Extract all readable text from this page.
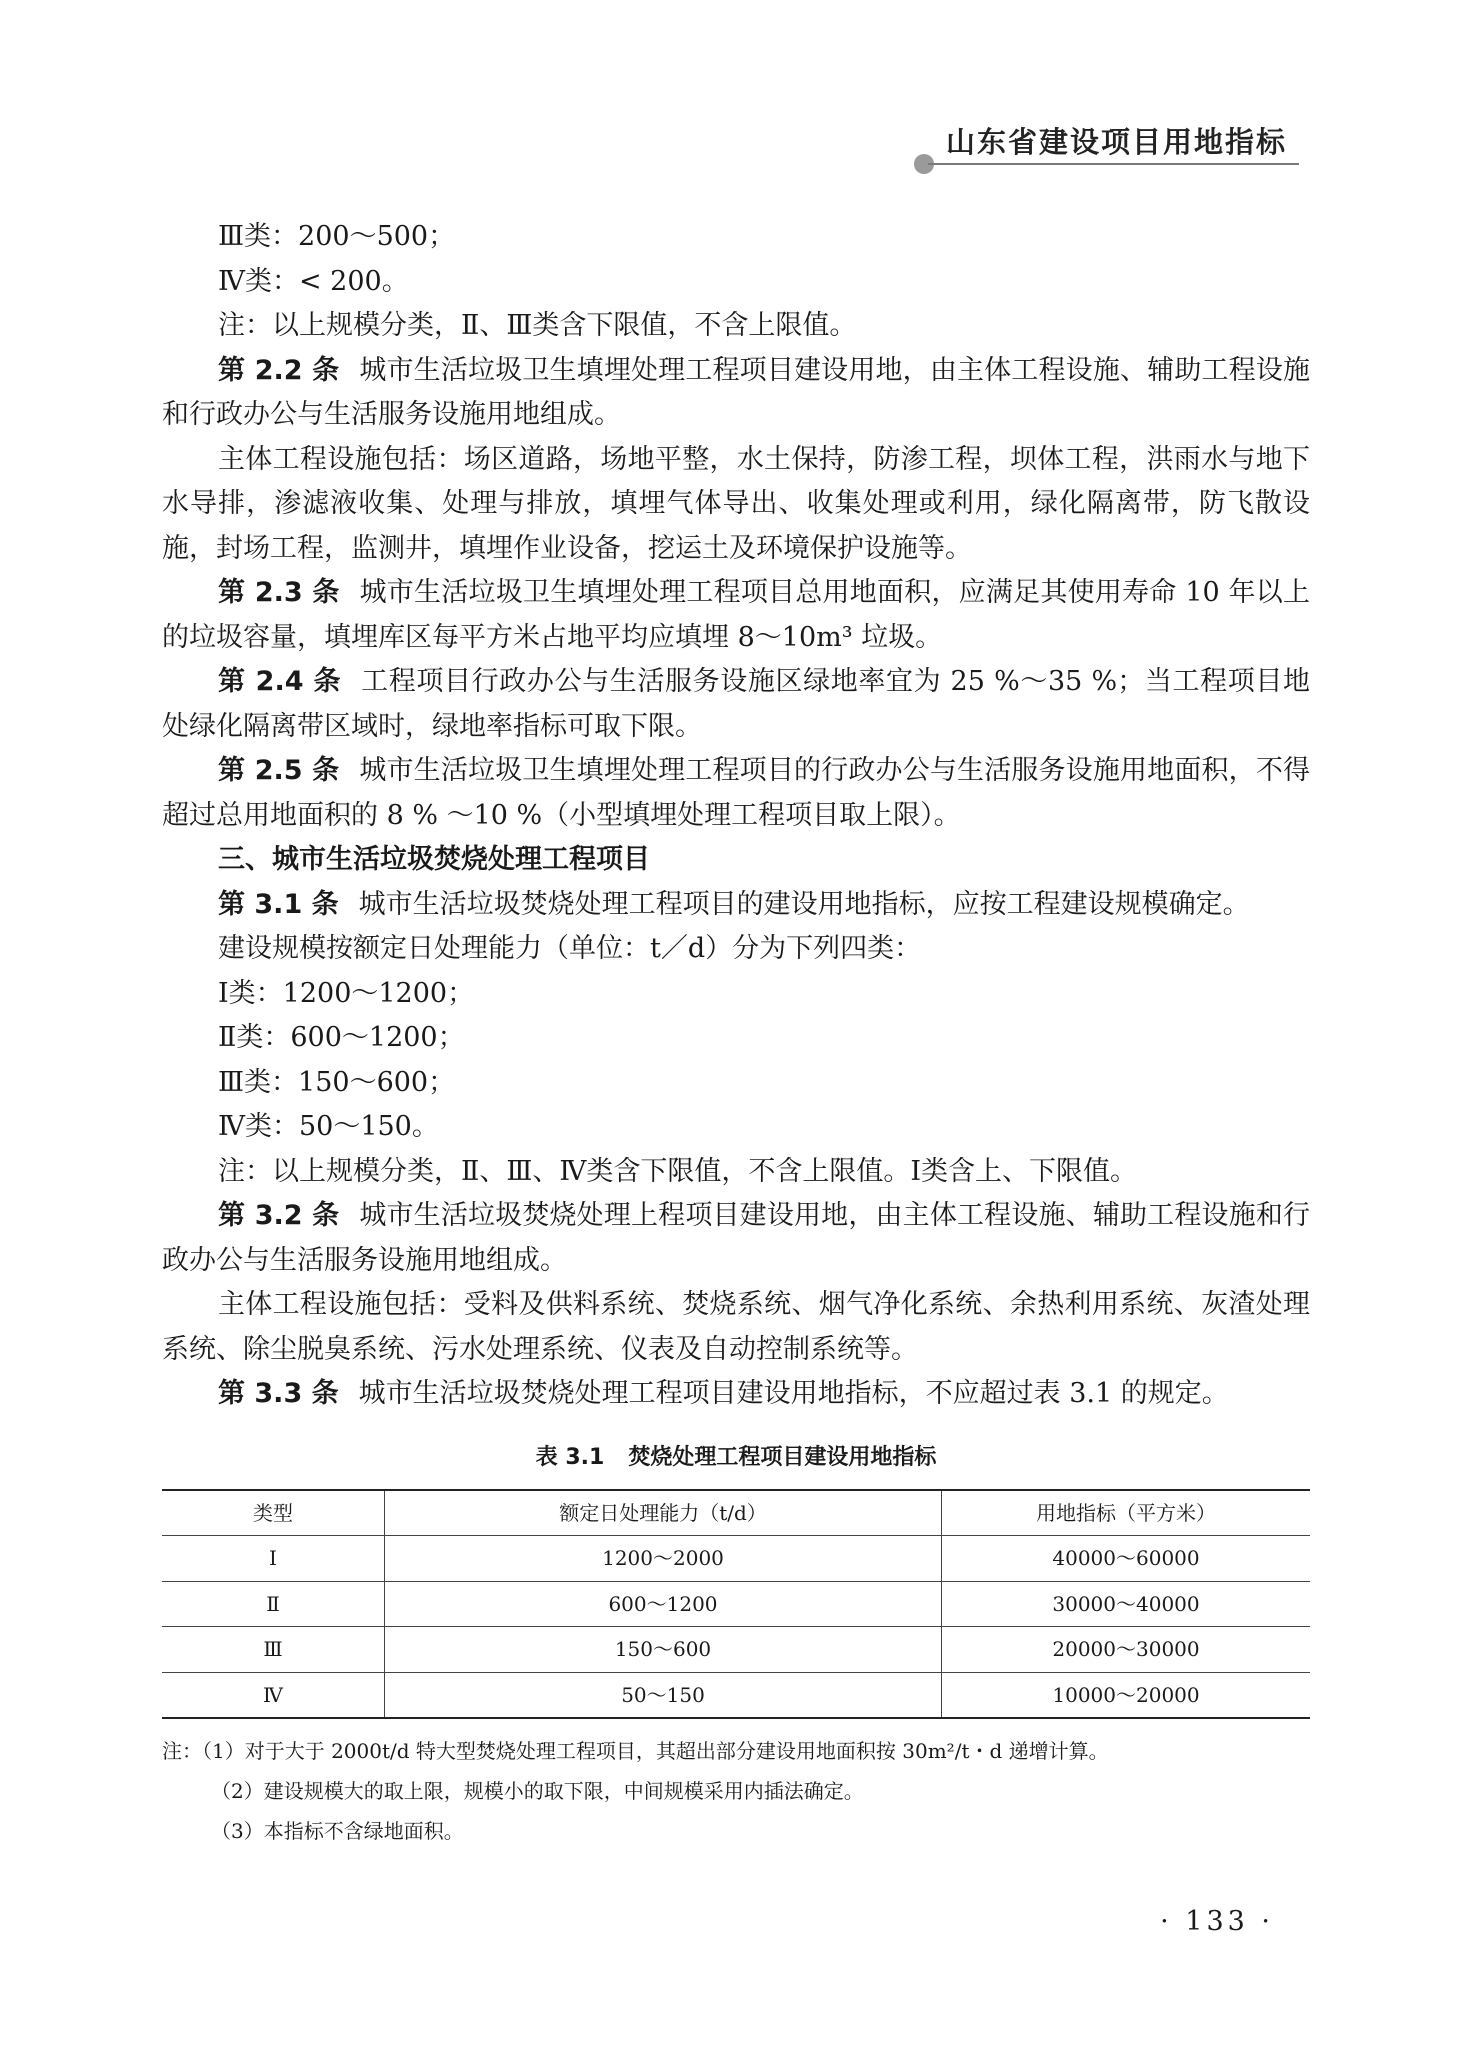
山东省建设项目用地指标

Ⅲ类：200～500；

Ⅳ类：< 200。

注：以上规模分类，Ⅱ、Ⅲ类含下限值，不含上限值。

第 2.2 条 城市生活垃圾卫生填埋处理工程项目建设用地，由主体工程设施、辅助工程设施和行政办公与生活服务设施用地组成。

主体工程设施包括：场区道路，场地平整，水土保持，防渗工程，坝体工程，洪雨水与地下水导排，渗滤液收集、处理与排放，填埋气体导出、收集处理或利用，绿化隔离带，防飞散设施，封场工程，监测井，填埋作业设备，挖运土及环境保护设施等。

第 2.3 条 城市生活垃圾卫生填埋处理工程项目总用地面积，应满足其使用寿命 10 年以上的垃圾容量，填埋库区每平方米占地平均应填埋 8～10m³ 垃圾。

第 2.4 条 工程项目行政办公与生活服务设施区绿地率宜为 25 %～35 %；当工程项目地处绿化隔离带区域时，绿地率指标可取下限。

第 2.5 条 城市生活垃圾卫生填埋处理工程项目的行政办公与生活服务设施用地面积，不得超过总用地面积的 8 % ～10 %（小型填埋处理工程项目取上限）。

三、城市生活垃圾焚烧处理工程项目

第 3.1 条 城市生活垃圾焚烧处理工程项目的建设用地指标，应按工程建设规模确定。

建设规模按额定日处理能力（单位：t／d）分为下列四类：

Ⅰ类：1200～1200；

Ⅱ类：600～1200；

Ⅲ类：150～600；

Ⅳ类：50～150。

注：以上规模分类，Ⅱ、Ⅲ、Ⅳ类含下限值，不含上限值。Ⅰ类含上、下限值。

第 3.2 条 城市生活垃圾焚烧处理上程项目建设用地，由主体工程设施、辅助工程设施和行政办公与生活服务设施用地组成。

主体工程设施包括：受料及供料系统、焚烧系统、烟气净化系统、余热利用系统、灰渣处理系统、除尘脱臭系统、污水处理系统、仪表及自动控制系统等。

第 3.3 条 城市生活垃圾焚烧处理工程项目建设用地指标，不应超过表 3.1 的规定。

表 3.1 焚烧处理工程项目建设用地指标
类型	额定日处理能力（t/d）	用地指标（平方米）
Ⅰ	1200～2000	40000～60000
Ⅱ	600～1200	30000～40000
Ⅲ	150～600	20000～30000
Ⅳ	50～150	10000～20000

注：（1）对于大于 2000t/d 特大型焚烧处理工程项目，其超出部分建设用地面积按 30m²/t・d 递增计算。

（2）建设规模大的取上限，规模小的取下限，中间规模采用内插法确定。

（3）本指标不含绿地面积。

· 133 ·
